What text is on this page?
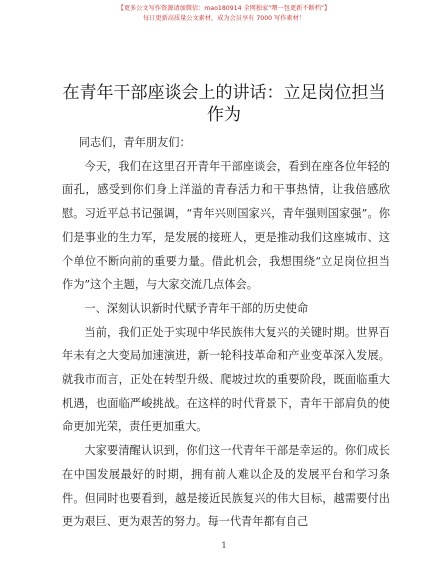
【更多公文写作资源请加微信：mao180914 全网独家“喂一包更新不断档”】
每日更新高质量公文素材，成为会员享有 7000 写作素材！
在青年干部座谈会上的讲话：立足岗位担当作为

同志们，青年朋友们：

今天，我们在这里召开青年干部座谈会，看到在座各位年轻的面孔，感受到你们身上洋溢的青春活力和干事热情，让我倍感欣慰。习近平总书记强调，“青年兴则国家兴，青年强则国家强”。你们是事业的生力军，是发展的接班人，更是推动我们这座城市、这个单位不断向前的重要力量。借此机会，我想围绕“立足岗位担当作为”这个主题，与大家交流几点体会。

一、深刻认识新时代赋予青年干部的历史使命

当前，我们正处于实现中华民族伟大复兴的关键时期。世界百年未有之大变局加速演进，新一轮科技革命和产业变革深入发展。就我市而言，正处在转型升级、爬坡过坎的重要阶段，既面临重大机遇，也面临严峻挑战。在这样的时代背景下，青年干部肩负的使命更加光荣，责任更加重大。

大家要清醒认识到，你们这一代青年干部是幸运的。你们成长在中国发展最好的时期，拥有前人难以企及的发展平台和学习条件。但同时也要看到，越是接近民族复兴的伟大目标，越需要付出更为艰巨、更为艰苦的努力。每一代青年都有自己

1
